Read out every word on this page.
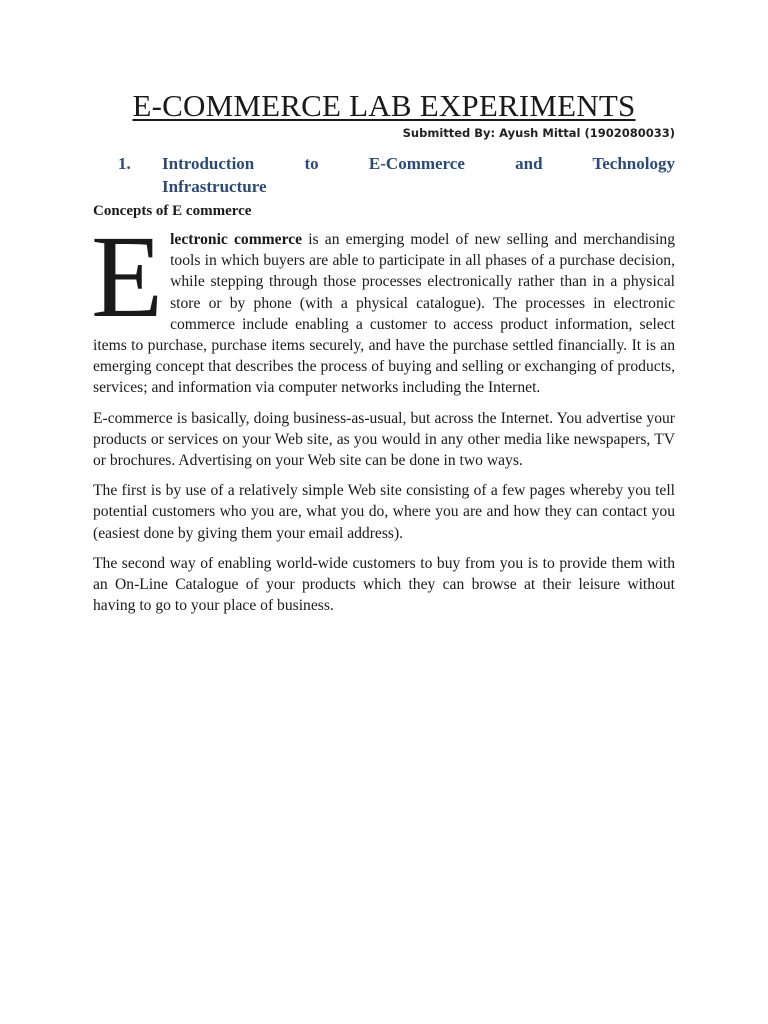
E-COMMERCE LAB EXPERIMENTS
Submitted By: Ayush Mittal (1902080033)
1.	Introduction to E-Commerce and Technology
Infrastructure
Concepts of E commerce

E lectronic commerce is an emerging model of new selling and merchandising tools in which buyers are able to participate in all phases of a purchase decision, while stepping through those processes electronically rather than in a physical store or by phone (with a physical catalogue). The processes in electronic commerce include enabling a customer to access product information, select items to purchase, purchase items securely, and have the purchase settled financially. It is an emerging concept that describes the process of buying and selling or exchanging of products, services; and information via computer networks including the Internet.

E-commerce is basically, doing business-as-usual, but across the Internet. You advertise your products or services on your Web site, as you would in any other media like newspapers, TV or brochures. Advertising on your Web site can be done in two ways.

The first is by use of a relatively simple Web site consisting of a few pages whereby you tell potential customers who you are, what you do, where you are and how they can contact you (easiest done by giving them your email address).

The second way of enabling world-wide customers to buy from you is to provide them with an On-Line Catalogue of your products which they can browse at their leisure without having to go to your place of business.
